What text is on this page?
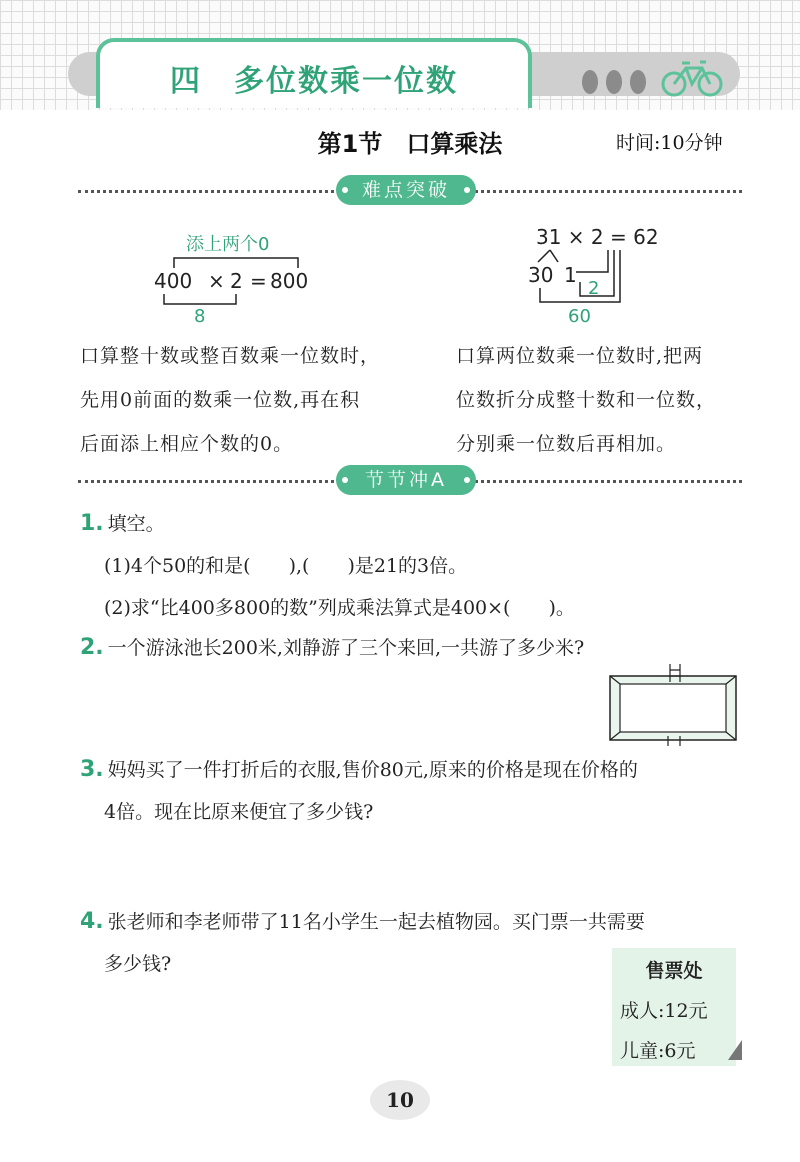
四　多位数乘一位数
第1节　口算乘法	时间:10分钟
难点突破
添上两个0
400 × 2 = 800
8
31 × 2 = 62
30 1
2
60
口算整十数或整百数乘一位数时，
先用0前面的数乘一位数,再在积
后面添上相应个数的0。
口算两位数乘一位数时,把两
位数折分成整十数和一位数，
分别乘一位数后再相加。
节节冲A
1. 填空。
(1)4个50的和是(　　),(　　)是21的3倍。
(2)求“比400多800的数”列成乘法算式是400×(　　)。
2. 一个游泳池长200米,刘静游了三个来回,一共游了多少米?
3. 妈妈买了一件打折后的衣服,售价80元,原来的价格是现在价格的
4倍。现在比原来便宜了多少钱?
4. 张老师和李老师带了11名小学生一起去植物园。买门票一共需要
多少钱?	售票处
成人:12元
儿童:6元
10
